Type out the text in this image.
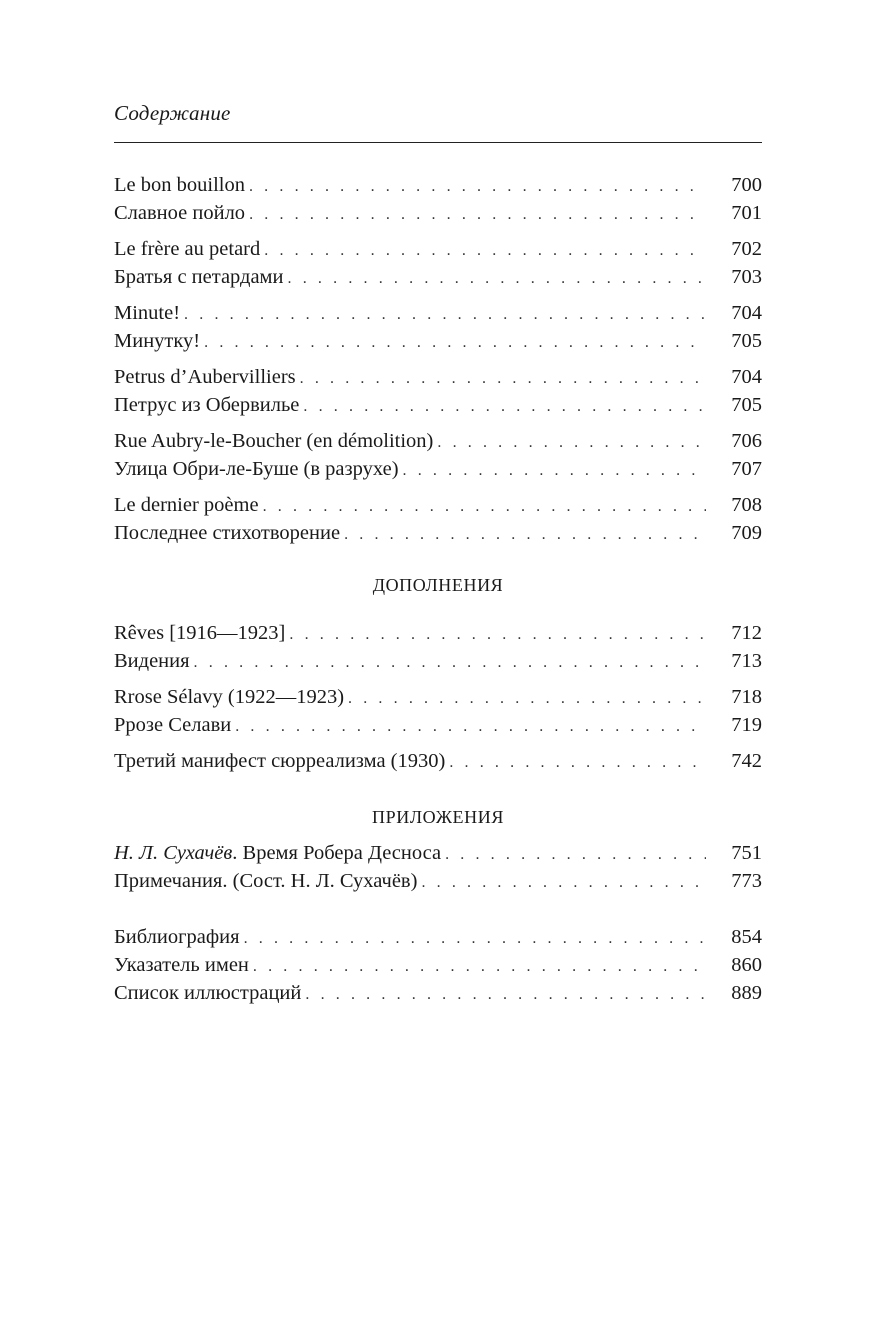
Содержание
Le bon bouillon . . .	700
Славное пойло . . .	701
Le frère au petard . . .	702
Братья с петардами . . .	703
Minute! . . .	704
Минутку! . . .	705
Petrus d’Aubervilliers . . .	704
Петрус из Обервилье . . .	705
Rue Aubry-le-Boucher (en démolition) . . .	706
Улица Обри-ле-Буше (в разрухе) . . .	707
Le dernier poème . . .	708
Последнее стихотворение . . .	709
ДОПОЛНЕНИЯ
Rêves [1916—1923] . . .	712
Видения . . .	713
Rrose Sélavy (1922—1923) . . .	718
Ррозе Селави . . .	719
Третий манифест сюрреализма (1930) . . .	742
ПРИЛОЖЕНИЯ
Н. Л. Сухачёв. Время Робера Десноса . . .	751
Примечания. (Сост. Н. Л. Сухачёв) . . .	773
Библиография . . .	854
Указатель имен . . .	860
Список иллюстраций . . .	889
